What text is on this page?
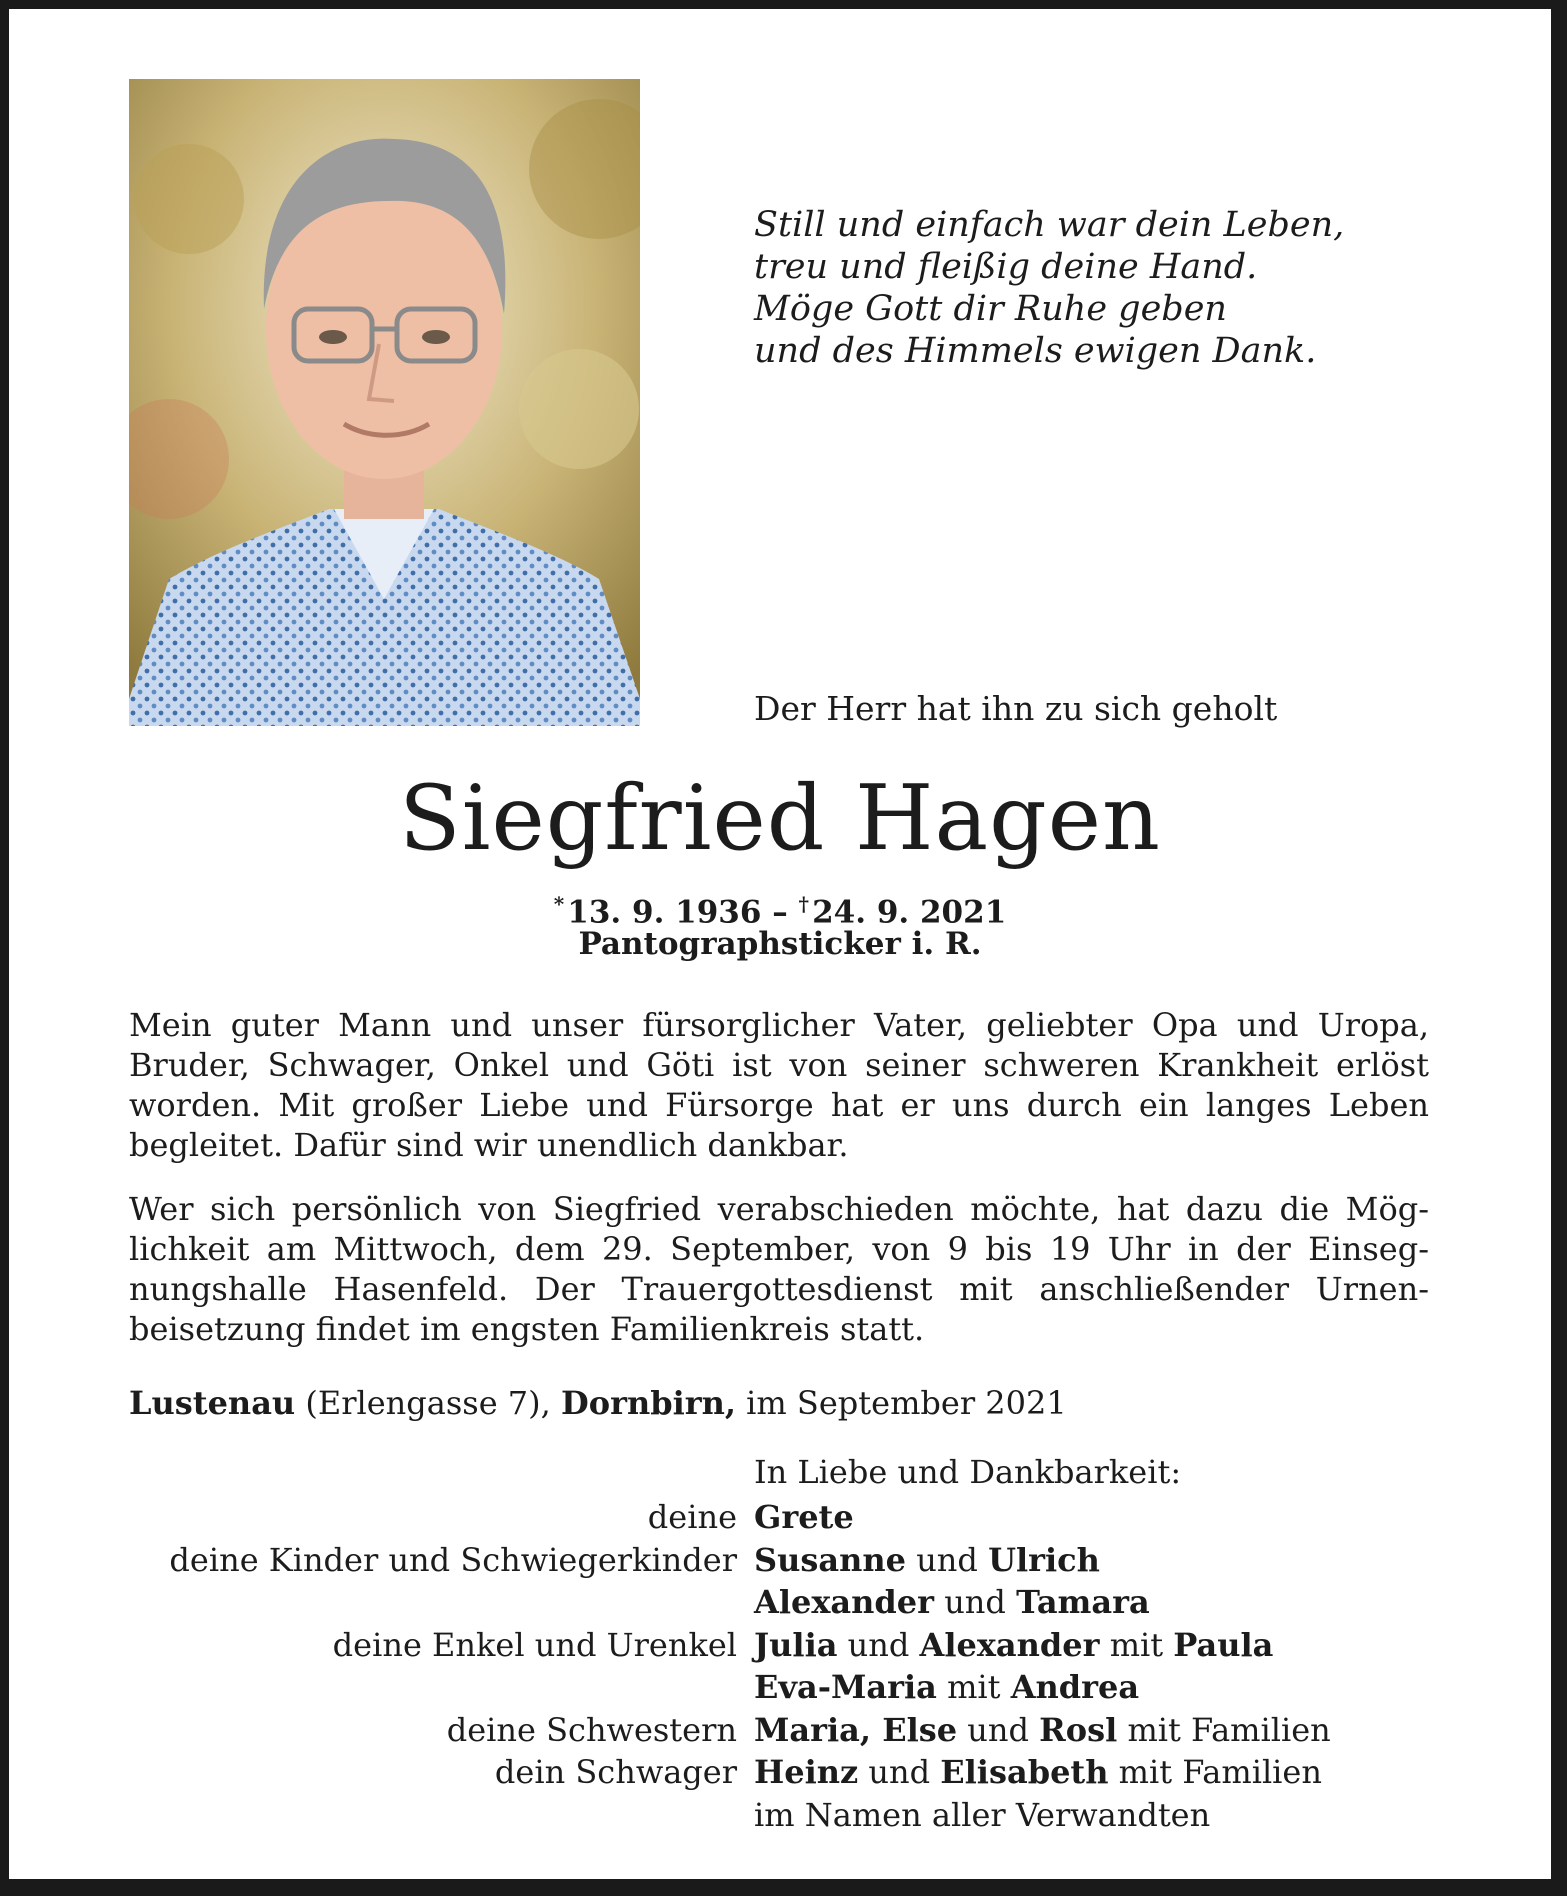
Still und einfach war dein Leben,
treu und fleißig deine Hand.
Möge Gott dir Ruhe geben
und des Himmels ewigen Dank.
Der Herr hat ihn zu sich geholt
Siegfried Hagen
* 13. 9. 1936 – † 24. 9. 2021
Pantographsticker i. R.
Mein guter Mann und unser fürsorglicher Vater, geliebter Opa und Uropa, Bruder, Schwager, Onkel und Göti ist von seiner schweren Krankheit erlöst worden. Mit großer Liebe und Fürsorge hat er uns durch ein langes Leben begleitet. Dafür sind wir unendlich dankbar.
Wer sich persönlich von Siegfried verabschieden möchte, hat dazu die Möglichkeit am Mittwoch, dem 29. September, von 9 bis 19 Uhr in der Einsegnungshalle Hasenfeld. Der Trauergottesdienst mit anschließender Urnenbeisetzung findet im engsten Familienkreis statt.
Lustenau (Erlengasse 7), Dornbirn, im September 2021
In Liebe und Dankbarkeit:
deine Grete
deine Kinder und Schwiegerkinder Susanne und Ulrich
Alexander und Tamara
deine Enkel und Urenkel Julia und Alexander mit Paula
Eva-Maria mit Andrea
deine Schwestern Maria, Else und Rosl mit Familien
dein Schwager Heinz und Elisabeth mit Familien
im Namen aller Verwandten
